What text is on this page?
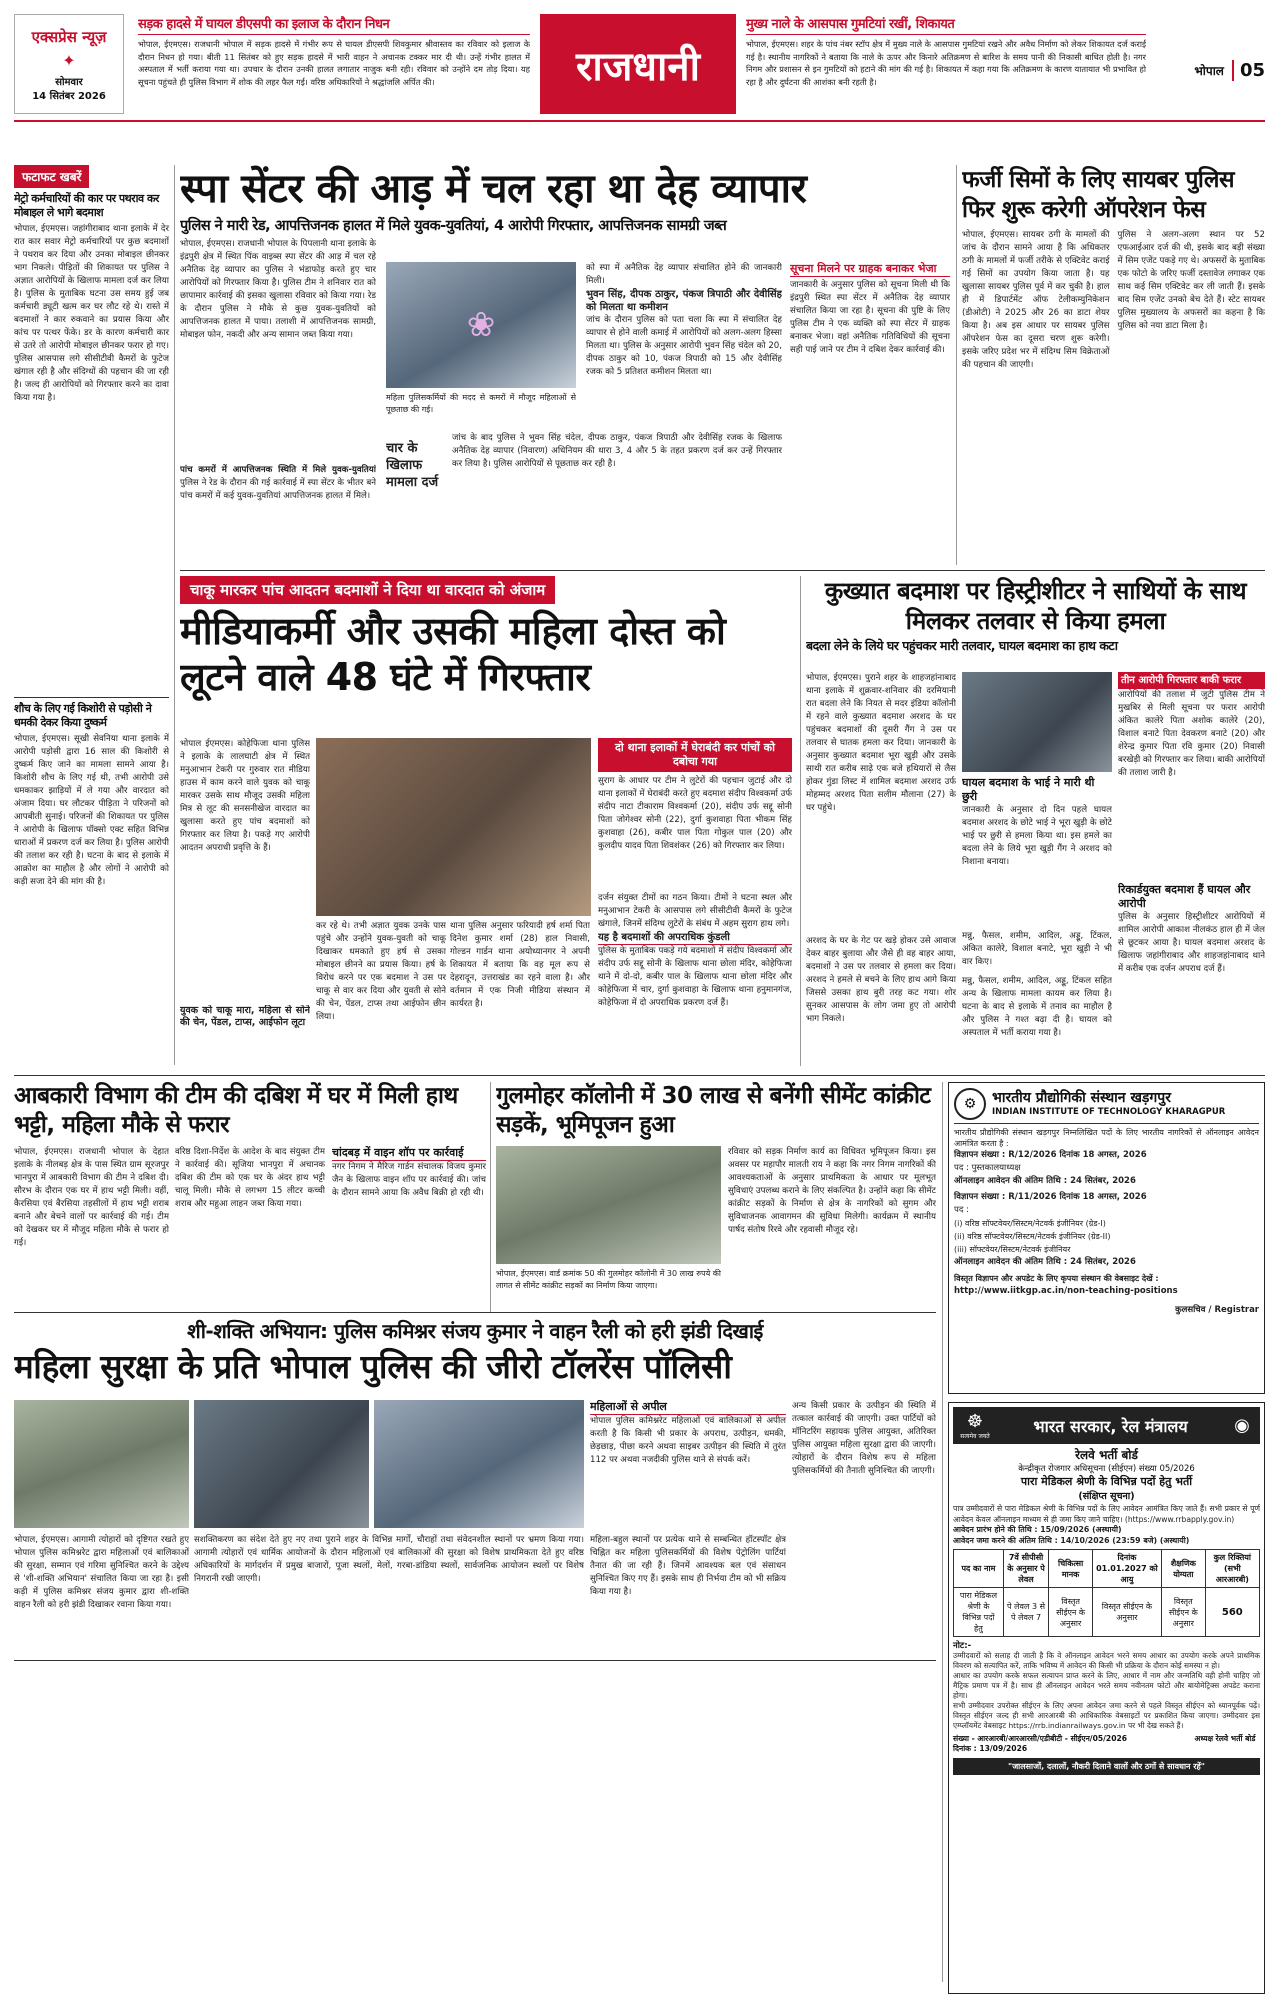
एक्सप्रेस न्यूज़
✦
सोमवार
14 सितंबर 2026
सड़क हादसे में घायल डीएसपी का इलाज के दौरान निधन
भोपाल, ईएमएस। राजधानी भोपाल में सड़क हादसे में गंभीर रूप से घायल डीएसपी शिवकुमार श्रीवास्तव का रविवार को इलाज के दौरान निधन हो गया। बीती 11 सितंबर को हुए सड़क हादसे में भारी वाहन ने अचानक टक्कर मार दी थी। उन्हें गंभीर हालत में अस्पताल में भर्ती कराया गया था। उपचार के दौरान उनकी हालत लगातार नाजुक बनी रही। रविवार को उन्होंने दम तोड़ दिया। यह सूचना पहुंचते ही पुलिस विभाग में शोक की लहर फैल गई। वरिष्ठ अधिकारियों ने श्रद्धांजलि अर्पित की।	राजधानी
मुख्य नाले के आसपास गुमटियां रखीं, शिकायत
भोपाल, ईएमएस। शहर के पांच नंबर स्टॉप क्षेत्र में मुख्य नाले के आसपास गुमटियां रखने और अवैध निर्माण को लेकर शिकायत दर्ज कराई गई है। स्थानीय नागरिकों ने बताया कि नाले के ऊपर और किनारे अतिक्रमण से बारिश के समय पानी की निकासी बाधित होती है। नगर निगम और प्रशासन से इन गुमटियों को हटाने की मांग की गई है। शिकायत में कहा गया कि अतिक्रमण के कारण यातायात भी प्रभावित हो रहा है और दुर्घटना की आशंका बनी रहती है।
भोपाल 05
फटाफट खबरें
मेट्रो कर्मचारियों की कार पर पथराव कर मोबाइल ले भागे बदमाश
भोपाल, ईएमएस। जहांगीराबाद थाना इलाके में देर रात कार सवार मेट्रो कर्मचारियों पर कुछ बदमाशों ने पथराव कर दिया और उनका मोबाइल छीनकर भाग निकले। पीड़ितों की शिकायत पर पुलिस ने अज्ञात आरोपियों के खिलाफ मामला दर्ज कर लिया है। पुलिस के मुताबिक घटना उस समय हुई जब कर्मचारी ड्यूटी खत्म कर घर लौट रहे थे। रास्ते में बदमाशों ने कार रुकवाने का प्रयास किया और कांच पर पत्थर फेंके। डर के कारण कर्मचारी कार से उतरे तो आरोपी मोबाइल छीनकर फरार हो गए। पुलिस आसपास लगे सीसीटीवी कैमरों के फुटेज खंगाल रही है और संदिग्धों की पहचान की जा रही है। जल्द ही आरोपियों को गिरफ्तार करने का दावा किया गया है।
शौच के लिए गई किशोरी से पड़ोसी ने धमकी देकर किया दुष्कर्म
भोपाल, ईएमएस। सूखी सेवनिया थाना इलाके में आरोपी पड़ोसी द्वारा 16 साल की किशोरी से दुष्कर्म किए जाने का मामला सामने आया है। किशोरी शौच के लिए गई थी, तभी आरोपी उसे धमकाकर झाड़ियों में ले गया और वारदात को अंजाम दिया। घर लौटकर पीड़िता ने परिजनों को आपबीती सुनाई। परिजनों की शिकायत पर पुलिस ने आरोपी के खिलाफ पॉक्सो एक्ट सहित विभिन्न धाराओं में प्रकरण दर्ज कर लिया है। पुलिस आरोपी की तलाश कर रही है। घटना के बाद से इलाके में आक्रोश का माहौल है और लोगों ने आरोपी को कड़ी सजा देने की मांग की है।
स्पा सेंटर की आड़ में चल रहा था देह व्यापार
पुलिस ने मारी रेड, आपत्तिजनक हालत में मिले युवक-युवतियां, 4 आरोपी गिरफ्तार, आपत्तिजनक सामग्री जब्त
भोपाल, ईएमएस। राजधानी भोपाल के पिपलानी थाना इलाके के इंद्रपुरी क्षेत्र में स्थित पिंक वाइब्स स्पा सेंटर की आड़ में चल रहे अनैतिक देह व्यापार का पुलिस ने भंडाफोड़ करते हुए चार आरोपियों को गिरफ्तार किया है। पुलिस टीम ने शनिवार रात को छापामार कार्रवाई की इसका खुलासा रविवार को किया गया। रेड के दौरान पुलिस ने मौके से कुछ युवक-युवतियों को आपत्तिजनक हालत में पाया। तलाशी में आपत्तिजनक सामग्री, मोबाइल फोन, नकदी और अन्य सामान जब्त किया गया।
पांच कमरों में आपत्तिजनक स्थिति में मिले युवक-युवतियां पुलिस ने रेड के दौरान की गई कार्रवाई में स्पा सेंटर के भीतर बने पांच कमरों में कई युवक-युवतियां आपत्तिजनक हालत में मिले।
❀
महिला पुलिसकर्मियों की मदद से कमरों में मौजूद महिलाओं से पूछताछ की गई।
चार के खिलाफ मामला दर्ज
जांच के बाद पुलिस ने भुवन सिंह चंदेल, दीपक ठाकुर, पंकज त्रिपाठी और देवीसिंह रजक के खिलाफ अनैतिक देह व्यापार (निवारण) अधिनियम की धारा 3, 4 और 5 के तहत प्रकरण दर्ज कर उन्हें गिरफ्तार कर लिया है। पुलिस आरोपियों से पूछताछ कर रही है।
को स्पा में अनैतिक देह व्यापार संचालित होने की जानकारी मिली।
भुवन सिंह, दीपक ठाकुर, पंकज त्रिपाठी और देवीसिंह को मिलता था कमीशन
जांच के दौरान पुलिस को पता चला कि स्पा में संचालित देह व्यापार से होने वाली कमाई में आरोपियों को अलग-अलग हिस्सा मिलता था। पुलिस के अनुसार आरोपी भुवन सिंह चंदेल को 20, दीपक ठाकुर को 10, पंकज त्रिपाठी को 15 और देवीसिंह रजक को 5 प्रतिशत कमीशन मिलता था।
सूचना मिलने पर ग्राहक बनाकर भेजा
जानकारी के अनुसार पुलिस को सूचना मिली थी कि इंद्रपुरी स्थित स्पा सेंटर में अनैतिक देह व्यापार संचालित किया जा रहा है। सूचना की पुष्टि के लिए पुलिस टीम ने एक व्यक्ति को स्पा सेंटर में ग्राहक बनाकर भेजा। वहां अनैतिक गतिविधियों की सूचना सही पाई जाने पर टीम ने दबिश देकर कार्रवाई की।
फर्जी सिमों के लिए सायबर पुलिस फिर शुरू करेगी ऑपरेशन फेस
भोपाल, ईएमएस। सायबर ठगी के मामलों की जांच के दौरान सामने आया है कि अधिकतर ठगी के मामलों में फर्जी तरीके से एक्टिवेट कराई गई सिमों का उपयोग किया जाता है। यह खुलासा सायबर पुलिस पूर्व में कर चुकी है। हाल ही में डिपार्टमेंट ऑफ टेलीकम्युनिकेशन (डीओटी) ने 2025 और 26 का डाटा शेयर किया है। अब इस आधार पर सायबर पुलिस ऑपरेशन फेस का दूसरा चरण शुरू करेगी। इसके जरिए प्रदेश भर में संदिग्ध सिम विक्रेताओं की पहचान की जाएगी।
पुलिस ने अलग-अलग स्थान पर 52 एफआईआर दर्ज की थी, इसके बाद बड़ी संख्या में सिम एजेंट पकड़े गए थे। अफसरों के मुताबिक एक फोटो के जरिए फर्जी दस्तावेज लगाकर एक साथ कई सिम एक्टिवेट कर ली जाती हैं। इसके बाद सिम एजेंट उनको बेच देते हैं। स्टेट सायबर पुलिस मुख्यालय के अफसरों का कहना है कि पुलिस को नया डाटा मिला है।
चाकू मारकर पांच आदतन बदमाशों ने दिया था वारदात को अंजाम
मीडियाकर्मी और उसकी महिला दोस्त को लूटने वाले 48 घंटे में गिरफ्तार
भोपाल ईएमएस। कोहेफिजा थाना पुलिस ने इलाके के लालघाटी क्षेत्र में स्थित मनुआभान टेकरी पर गुरुवार रात मीडिया हाउस में काम करने वाले युवक को चाकू मारकर उसके साथ मौजूद उसकी महिला मित्र से लूट की सनसनीखेज वारदात का खुलासा करते हुए पांच बदमाशों को गिरफ्तार कर लिया है। पकड़े गए आरोपी आदतन अपराधी प्रवृत्ति के हैं।
कर रहे थे। तभी अज्ञात युवक उनके पास पहुंचे और उन्होंने युवक-युवती को चाकू दिखाकर धमकाते हुए हर्ष से उसका मोबाइल छीनने का प्रयास किया। हर्ष के विरोध करने पर एक बदमाश ने उस पर चाकू से वार कर दिया और युवती से सोने की चेन, पेंडल, टाप्स तथा आईफोन छीन लिया।
दो थाना इलाकों में घेराबंदी कर पांचों को दबोचा गया
सुराग के आधार पर टीम ने लुटेरों की पहचान जुटाई और दो थाना इलाकों में घेराबंदी करते हुए बदमाश संदीप विश्वकर्मा उर्फ संदीप नाटा टीकाराम विश्वकर्मा (20), संदीप उर्फ सद्दू सोनी पिता जोगेश्वर सोनी (22), दुर्गा कुशवाहा पिता भीकम सिंह कुशवाहा (26), कबीर पाल पिता गोकुल पाल (20) और कुलदीप यादव पिता शिवशंकर (26) को गिरफ्तार कर लिया।
युवक को चाकू मारा, महिला से सोने की चेन, पेंडल, टाप्स, आईफोन लूटा
थाना पुलिस अनुसार फरियादी हर्ष शर्मा पिता दिनेश कुमार शर्मा (28) हाल निवासी, गोल्डन गार्डन थाना अयोध्यानगर ने अपनी शिकायत में बताया कि वह मूल रूप से देहरादून, उत्तराखंड का रहने वाला है। और वर्तमान में एक निजी मीडिया संस्थान में कार्यरत है।
दर्जन संयुक्त टीमों का गठन किया। टीमों ने घटना स्थल और मनुआभान टेकरी के आसपास लगे सीसीटीवी कैमरों के फुटेज खंगाले, जिनमें संदिग्ध लुटेरों के संबंध में अहम सुराग हाथ लगे।
यह है बदमाशों की अपराधिक कुंडली
पुलिस के मुताबिक पकड़े गये बदमाशों में संदीप विश्वकर्मा और संदीप उर्फ सद्दू सोनी के खिलाफ थाना छोला मंदिर, कोहेफिजा थाने में दो-दो, कबीर पाल के खिलाफ थाना छोला मंदिर और कोहेफिजा में चार, दुर्गा कुशवाहा के खिलाफ थाना हनुमानगंज, कोहेफिजा में दो अपराधिक प्रकरण दर्ज हैं।
कुख्यात बदमाश पर हिस्ट्रीशीटर ने साथियों के साथ मिलकर तलवार से किया हमला
बदला लेने के लिये घर पहुंचकर मारी तलवार, घायल बदमाश का हाथ कटा
भोपाल, ईएमएस। पुराने शहर के शाहजहांनाबाद थाना इलाके में शुक्रवार-शनिवार की दरमियानी रात बदला लेने कि नियत से मदर इंडिया कॉलोनी में रहने वाले कुख्यात बदमाश अरशद के घर पहुंचकर बदमाशों की दूसरी गैंग ने उस पर तलवार से घातक हमला कर दिया। जानकारी के अनुसार कुख्यात बदमाश भूरा खुड़ी और उसके साथी रात करीब साढ़े एक बजे हथियारों से लैस होकर गुंडा लिस्ट में शामिल बदमाश अरशद उर्फ मोहम्मद अरशद पिता सलीम मौलाना (27) के घर पहुंचे।
अरशद के घर के गेट पर खड़े होकर उसे आवाज देकर बाहर बुलाया और जैसे ही वह बाहर आया, बदमाशों ने उस पर तलवार से हमला कर दिया। अरशद ने हमले से बचने के लिए हाथ आगे किया जिससे उसका हाथ बुरी तरह कट गया। शोर सुनकर आसपास के लोग जमा हुए तो आरोपी भाग निकले।
घायल बदमाश के भाई ने मारी थी छुरी
जानकारी के अनुसार दो दिन पहले घायल बदमाश अरशद के छोटे भाई ने भूरा खुड़ी के छोटे भाई पर छुरी से हमला किया था। इस हमले का बदला लेने के लिये भूरा खुड़ी गैंग ने अरशद को निशाना बनाया।
मन्नु, फैसल, शमीम, आदिल, अड्डू, टिंकल, अंकित कालेरे, विशाल बनाटे, भूरा खुड़ी ने भी वार किए।
मन्नु, फैसल, शमीम, आदिल, अड्डू, टिंकल सहित अन्य के खिलाफ मामला कायम कर लिया है। घटना के बाद से इलाके में तनाव का माहौल है और पुलिस ने गश्त बढ़ा दी है। घायल को अस्पताल में भर्ती कराया गया है।
तीन आरोपी गिरफ्तार बाकी फरार
आरोपियों की तलाश में जुटी पुलिस टीम ने मुखबिर से मिली सूचना पर फरार आरोपी अंकित कालेरे पिता अशोक कालेरे (20), विशाल बनाटे पिता देवकरण बनाटे (20) और शेरेन्द्र कुमार पिता रवि कुमार (20) निवासी बरखेड़ी को गिरफ्तार कर लिया। बाकी आरोपियों की तलाश जारी है।
रिकार्डयुक्त बदमाश हैं घायल और आरोपी
पुलिस के अनुसार हिस्ट्रीशीटर आरोपियों में शामिल आरोपी आकाश नीलकंठ हाल ही में जेल से छूटकर आया है। घायल बदमाश अरशद के खिलाफ जहांगीराबाद और शाहजहांनाबाद थाने में करीब एक दर्जन अपराध दर्ज हैं।
आबकारी विभाग की टीम की दबिश में घर में मिली हाथ भट्टी, महिला मौके से फरार
भोपाल, ईएमएस। राजधानी भोपाल के देहात इलाके के नीलबड़ क्षेत्र के पास स्थित ग्राम सूरजपुर भानपुरा में आबकारी विभाग की टीम ने दबिश दी। सौरभ के दौरान एक घर में हाथ भट्टी मिली। वहीं, कैरसिया एवं बैरसिया तहसीलों में हाथ भट्टी शराब बनाने और बेचने वालों पर कार्रवाई की गई। टीम को देखकर घर में मौजूद महिला मौके से फरार हो गई।
वरिष्ठ दिशा-निर्देश के आदेश के बाद संयुक्त टीम ने कार्रवाई की। सूजिया भानपुरा में अचानक दबिश की टीम को एक घर के अंदर हाथ भट्टी चालू मिली। मौके से लगभग 15 लीटर कच्ची शराब और महुआ लाहन जब्त किया गया।
चांदबड़ में वाइन शॉप पर कार्रवाई
नगर निगम ने मैरिज गार्डन संचालक विजय कुमार जैन के खिलाफ वाइन शॉप पर कार्रवाई की। जांच के दौरान सामने आया कि अवैध बिक्री हो रही थी।
गुलमोहर कॉलोनी में 30 लाख से बनेंगी सीमेंट कांक्रीट सड़कें, भूमिपूजन हुआ
भोपाल, ईएमएस। वार्ड क्रमांक 50 की गुलमोहर कॉलोनी में 30 लाख रुपये की लागत से सीमेंट कांक्रीट सड़कों का निर्माण किया जाएगा।
रविवार को सड़क निर्माण कार्य का विधिवत भूमिपूजन किया। इस अवसर पर महापौर मालती राय ने कहा कि नगर निगम नागरिकों की आवश्यकताओं के अनुसार प्राथमिकता के आधार पर मूलभूत सुविधाएं उपलब्ध कराने के लिए संकल्पित है। उन्होंने कहा कि सीमेंट कांक्रीट सड़कों के निर्माण से क्षेत्र के नागरिकों को सुगम और सुविधाजनक आवागमन की सुविधा मिलेगी। कार्यक्रम में स्थानीय पार्षद संतोष रिरवे और रहवासी मौजूद रहे।
⚙	भारतीय प्रौद्योगिकी संस्थान खड़गपुर
INDIAN INSTITUTE OF TECHNOLOGY KHARAGPUR
भारतीय प्रौद्योगिकी संस्थान खड़गपुर निम्नलिखित पदों के लिए भारतीय नागरिकों से ऑनलाइन आवेदन आमंत्रित करता है :
विज्ञापन संख्या : R/12/2026 दिनांक 18 अगस्त, 2026
पद : पुस्तकालयाध्यक्ष
ऑनलाइन आवेदन की अंतिम तिथि : 24 सितंबर, 2026
विज्ञापन संख्या : R/11/2026 दिनांक 18 अगस्त, 2026
पद :
(i) वरिष्ठ सॉफ्टवेयर/सिस्टम/नेटवर्क इंजीनियर (ग्रेड-I)
(ii) वरिष्ठ सॉफ्टवेयर/सिस्टम/नेटवर्क इंजीनियर (ग्रेड-II)
(iii) सॉफ्टवेयर/सिस्टम/नेटवर्क इंजीनियर
ऑनलाइन आवेदन की अंतिम तिथि : 24 सितंबर, 2026
विस्तृत विज्ञापन और अपडेट के लिए कृपया संस्थान की वेबसाइट देखें :
http://www.iitkgp.ac.in/non-teaching-positions
कुलसचिव / Registrar
शी-शक्ति अभियान: पुलिस कमिश्नर संजय कुमार ने वाहन रैली को हरी झंडी दिखाई
महिला सुरक्षा के प्रति भोपाल पुलिस की जीरो टॉलरेंस पॉलिसी
महिलाओं से अपील
भोपाल पुलिस कमिश्नरेट महिलाओं एवं बालिकाओं से अपील करती है कि किसी भी प्रकार के अपराध, उत्पीड़न, धमकी, छेड़छाड़, पीछा करने अथवा साइबर उत्पीड़न की स्थिति में तुरंत 112 पर अथवा नजदीकी पुलिस थाने से संपर्क करें।
अन्य किसी प्रकार के उत्पीड़न की स्थिति में तत्काल कार्रवाई की जाएगी। उक्त पार्टियों को मॉनिटरिंग सहायक पुलिस आयुक्त, अतिरिक्त पुलिस आयुक्त महिला सुरक्षा द्वारा की जाएगी। त्योहारों के दौरान विशेष रूप से महिला पुलिसकर्मियों की तैनाती सुनिश्चित की जाएगी।
भोपाल, ईएमएस। आगामी त्योहारों को दृष्टिगत रखते हुए भोपाल पुलिस कमिश्नरेट द्वारा महिलाओं एवं बालिकाओं की सुरक्षा, सम्मान एवं गरिमा सुनिश्चित करने के उद्देश्य से 'शी-शक्ति अभियान' संचालित किया जा रहा है। इसी कड़ी में पुलिस कमिश्नर संजय कुमार द्वारा शी-शक्ति वाहन रैली को हरी झंडी दिखाकर रवाना किया गया।
सशक्तिकरण का संदेश देते हुए नए तथा पुराने शहर के विभिन्न मार्गों, चौराहों तथा संवेदनशील स्थानों पर भ्रमण किया गया। आगामी त्योहारों एवं धार्मिक आयोजनों के दौरान महिलाओं एवं बालिकाओं की सुरक्षा को विशेष प्राथमिकता देते हुए वरिष्ठ अधिकारियों के मार्गदर्शन में प्रमुख बाजारों, पूजा स्थलों, मेलों, गरबा-डांडिया स्थलों, सार्वजनिक आयोजन स्थलों पर विशेष निगरानी रखी जाएगी।
महिला-बहुल स्थानों पर प्रत्येक थाने से सम्बन्धित हॉटस्पॉट क्षेत्र चिह्नित कर महिला पुलिसकर्मियों की विशेष पेट्रोलिंग पार्टियां तैनात की जा रही हैं। जिनमें आवश्यक बल एवं संसाधन सुनिश्चित किए गए हैं। इसके साथ ही निर्भया टीम को भी सक्रिय किया गया है।
☸
सत्यमेव जयते
भारत सरकार, रेल मंत्रालय	◉
रेलवे भर्ती बोर्ड
केन्द्रीकृत रोजगार अधिसूचना (सीईएन) संख्या 05/2026
पारा मेडिकल श्रेणी के विभिन्न पदों हेतु भर्ती
(संक्षिप्त सूचना)
पात्र उम्मीदवारों से पारा मेडिकल श्रेणी के विभिन्न पदों के लिए आवेदन आमंत्रित किए जाते हैं। सभी प्रकार से पूर्ण आवेदन केवल ऑनलाइन माध्यम से ही जमा किए जाने चाहिए। (https://www.rrbapply.gov.in)
आवेदन प्रारंभ होने की तिथि : 15/09/2026 (अस्थायी)
आवेदन जमा करने की अंतिम तिथि : 14/10/2026 (23:59 बजे) (अस्थायी)
पद का नाम	7वें सीपीसी के अनुसार पे लेवल	चिकित्सा मानक	दिनांक 01.01.2027 को आयु	शैक्षणिक योग्यता	कुल रिक्तियां (सभी आरआरबी)
पारा मेडिकल श्रेणी के विभिन्न पदों हेतु	पे लेवल 3 से पे लेवल 7	विस्तृत सीईएन के अनुसार	विस्तृत सीईएन के अनुसार	विस्तृत सीईएन के अनुसार	560
नोट:-
उम्मीदवारों को सलाह दी जाती है कि वे ऑनलाइन आवेदन भरने समय आधार का उपयोग करके अपने प्राथमिक विवरण को सत्यापित करें, ताकि भविष्य में आवेदन की किसी भी प्रक्रिया के दौरान कोई समस्या न हो।
आधार का उपयोग करके सफल सत्यापन प्राप्त करने के लिए, आधार में नाम और जन्मतिथि वही होनी चाहिए जो मैट्रिक प्रमाण पत्र में है। साथ ही ऑनलाइन आवेदन भरते समय नवीनतम फोटो और बायोमेट्रिक्स अपडेट कराना होगा।
सभी उम्मीदवार उपरोक्त सीईएन के लिए अपना आवेदन जमा करने से पहले विस्तृत सीईएन को ध्यानपूर्वक पढ़ें। विस्तृत सीईएन जल्द ही सभी आरआरबी की आधिकारिक वेबसाइटों पर प्रकाशित किया जाएगा। उम्मीदवार इस एम्प्लॉयमेंट वेबसाइट https://rrb.indianrailways.gov.in पर भी देख सकते हैं।
संख्या - आरआरबी/आरआरसी/एडीबीटी - सीईएन/05/2026
दिनांक : 13/09/2026
अध्यक्ष रेलवे भर्ती बोर्ड
"जालसाजों, दलालों, नौकरी दिलाने वालों और ठगों से सावधान रहें"
